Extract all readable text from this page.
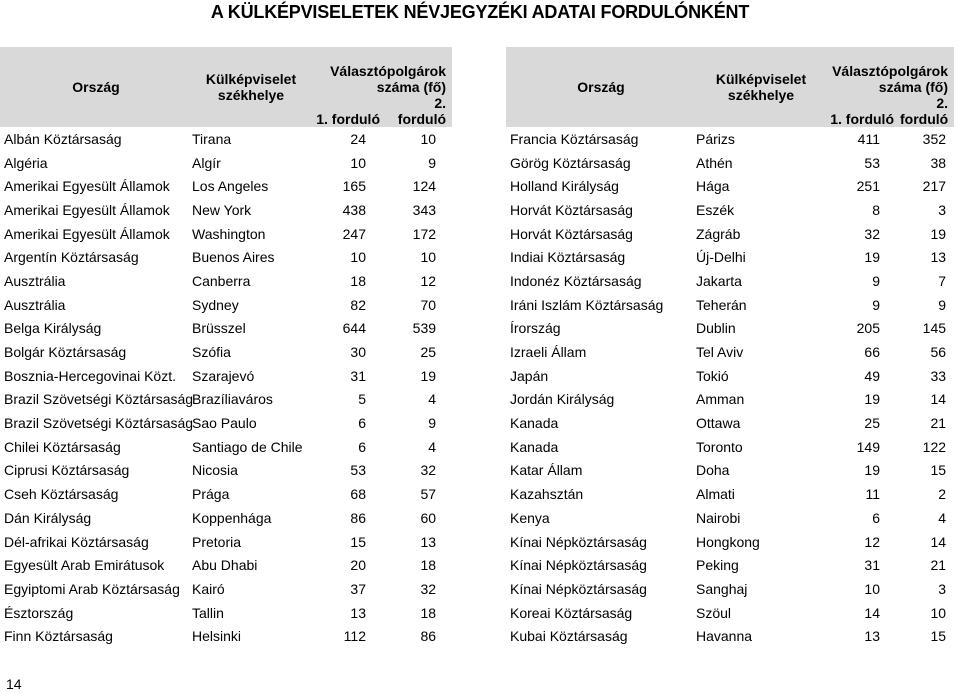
A KÜLKÉPVISELETEK NÉVJEGYZÉKI ADATAI FORDULÓNKÉNT
Ország	Külképviselet székhelye	Választópolgárok száma (fő)	
		1. forduló	2. forduló
Albán Köztársaság	Tirana	24	10
Algéria	Algír	10	9
Amerikai Egyesült Államok	Los Angeles	165	124
Amerikai Egyesült Államok	New York	438	343
Amerikai Egyesült Államok	Washington	247	172
Argentín Köztársaság	Buenos Aires	10	10
Ausztrália	Canberra	18	12
Ausztrália	Sydney	82	70
Belga Királyság	Brüsszel	644	539
Bolgár Köztársaság	Szófia	30	25
Bosznia-Hercegovinai Közt.	Szarajevó	31	19
Brazil Szövetségi Köztársaság	Brazíliaváros	5	4
Brazil Szövetségi Köztársaság	Sao Paulo	6	9
Chilei Köztársaság	Santiago de Chile	6	4
Ciprusi Köztársaság	Nicosia	53	32
Cseh Köztársaság	Prága	68	57
Dán Királyság	Koppenhága	86	60
Dél-afrikai Köztársaság	Pretoria	15	13
Egyesült Arab Emirátusok	Abu Dhabi	20	18
Egyiptomi Arab Köztársaság	Kairó	37	32
Észtország	Tallin	13	18
Finn Köztársaság	Helsinki	112	86
Ország	Külképviselet székhelye	Választópolgárok száma (fő)	
		1. forduló	2. forduló
Francia Köztársaság	Párizs	411	352
Görög Köztársaság	Athén	53	38
Holland Királyság	Hága	251	217
Horvát Köztársaság	Eszék	8	3
Horvát Köztársaság	Zágráb	32	19
Indiai Köztársaság	Új-Delhi	19	13
Indonéz Köztársaság	Jakarta	9	7
Iráni Iszlám Köztársaság	Teherán	9	9
Írország	Dublin	205	145
Izraeli Állam	Tel Aviv	66	56
Japán	Tokió	49	33
Jordán Királyság	Amman	19	14
Kanada	Ottawa	25	21
Kanada	Toronto	149	122
Katar Állam	Doha	19	15
Kazahsztán	Almati	11	2
Kenya	Nairobi	6	4
Kínai Népköztársaság	Hongkong	12	14
Kínai Népköztársaság	Peking	31	21
Kínai Népköztársaság	Sanghaj	10	3
Koreai Köztársaság	Szöul	14	10
Kubai Köztársaság	Havanna	13	15
14
